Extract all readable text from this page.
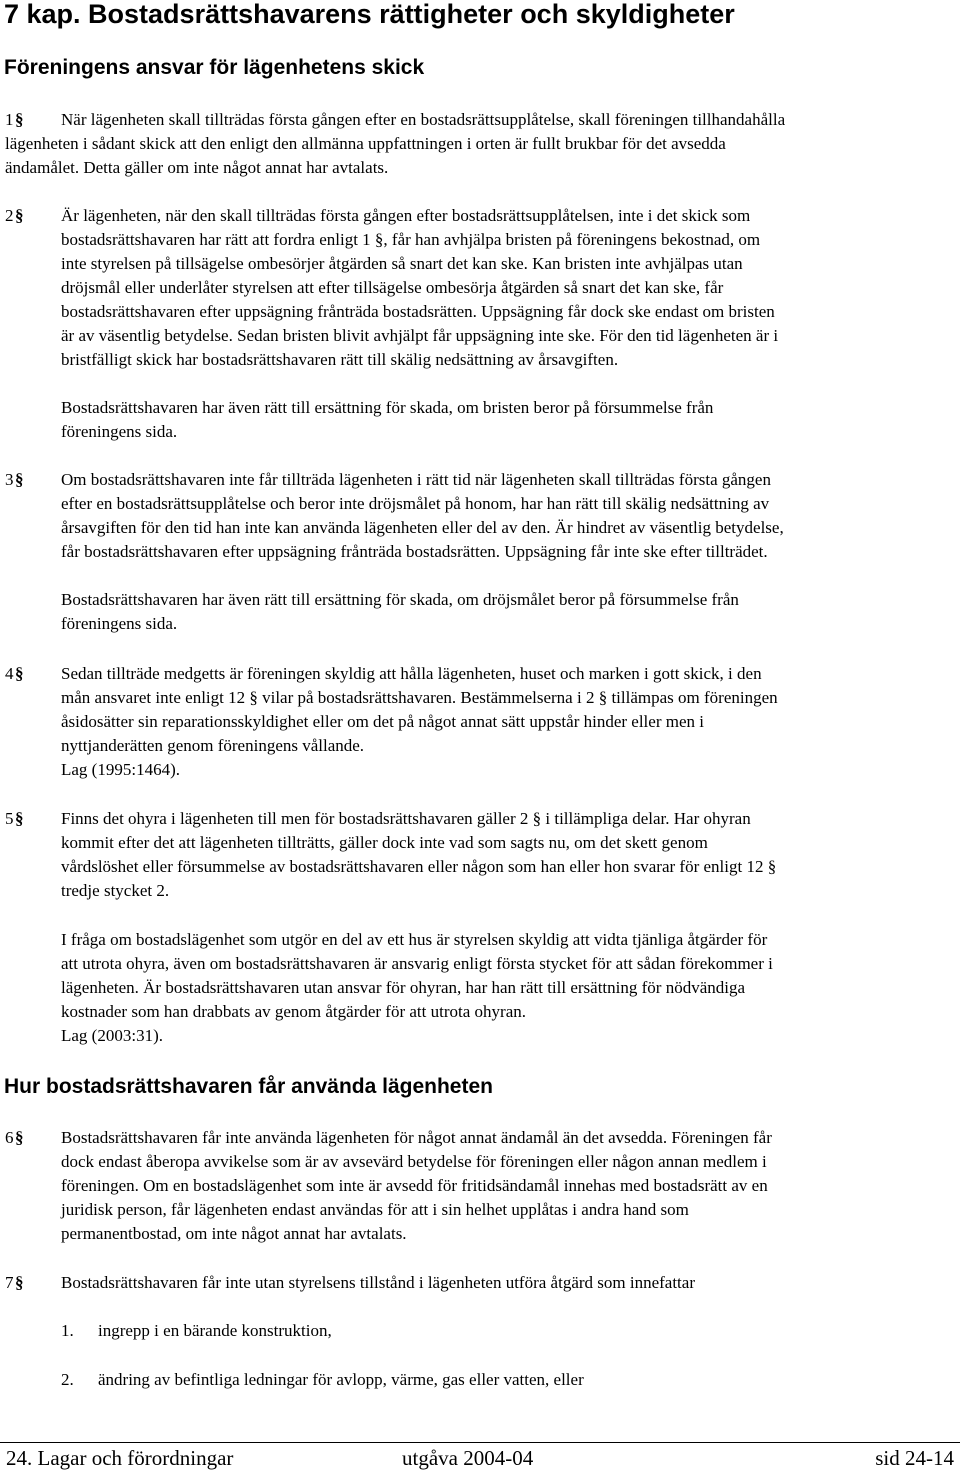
7 kap. Bostadsrättshavarens rättigheter och skyldigheter
Föreningens ansvar för lägenhetens skick
1 § När lägenheten skall tillträdas första gången efter en bostadsrättsupplåtelse, skall föreningen tillhandahålla
lägenheten i sådant skick att den enligt den allmänna uppfattningen i orten är fullt brukbar för det avsedda
ändamålet. Detta gäller om inte något annat har avtalats.
2 § Är lägenheten, när den skall tillträdas första gången efter bostadsrättsupplåtelsen, inte i det skick som
bostadsrättshavaren har rätt att fordra enligt 1 §, får han avhjälpa bristen på föreningens bekostnad, om
inte styrelsen på tillsägelse ombesörjer åtgärden så snart det kan ske. Kan bristen inte avhjälpas utan
dröjsmål eller underlåter styrelsen att efter tillsägelse ombesörja åtgärden så snart det kan ske, får
bostadsrättshavaren efter uppsägning frånträda bostadsrätten. Uppsägning får dock ske endast om bristen
är av väsentlig betydelse. Sedan bristen blivit avhjälpt får uppsägning inte ske. För den tid lägenheten är i
bristfälligt skick har bostadsrättshavaren rätt till skälig nedsättning av årsavgiften.
Bostadsrättshavaren har även rätt till ersättning för skada, om bristen beror på försummelse från
föreningens sida.
3 § Om bostadsrättshavaren inte får tillträda lägenheten i rätt tid när lägenheten skall tillträdas första gången
efter en bostadsrättsupplåtelse och beror inte dröjsmålet på honom, har han rätt till skälig nedsättning av
årsavgiften för den tid han inte kan använda lägenheten eller del av den. Är hindret av väsentlig betydelse,
får bostadsrättshavaren efter uppsägning frånträda bostadsrätten. Uppsägning får inte ske efter tillträdet.
Bostadsrättshavaren har även rätt till ersättning för skada, om dröjsmålet beror på försummelse från
föreningens sida.
4 § Sedan tillträde medgetts är föreningen skyldig att hålla lägenheten, huset och marken i gott skick, i den
mån ansvaret inte enligt 12 § vilar på bostadsrättshavaren. Bestämmelserna i 2 § tillämpas om föreningen
åsidosätter sin reparationsskyldighet eller om det på något annat sätt uppstår hinder eller men i
nyttjanderätten genom föreningens vållande.
Lag (1995:1464).
5 § Finns det ohyra i lägenheten till men för bostadsrättshavaren gäller 2 § i tillämpliga delar. Har ohyran
kommit efter det att lägenheten tillträtts, gäller dock inte vad som sagts nu, om det skett genom
vårdslöshet eller försummelse av bostadsrättshavaren eller någon som han eller hon svarar för enligt 12 §
tredje stycket 2.
I fråga om bostadslägenhet som utgör en del av ett hus är styrelsen skyldig att vidta tjänliga åtgärder för
att utrota ohyra, även om bostadsrättshavaren är ansvarig enligt första stycket för att sådan förekommer i
lägenheten. Är bostadsrättshavaren utan ansvar för ohyran, har han rätt till ersättning för nödvändiga
kostnader som han drabbats av genom åtgärder för att utrota ohyran.
Lag (2003:31).
Hur bostadsrättshavaren får använda lägenheten
6 § Bostadsrättshavaren får inte använda lägenheten för något annat ändamål än det avsedda. Föreningen får
dock endast åberopa avvikelse som är av avsevärd betydelse för föreningen eller någon annan medlem i
föreningen. Om en bostadslägenhet som inte är avsedd för fritidsändamål innehas med bostadsrätt av en
juridisk person, får lägenheten endast användas för att i sin helhet upplåtas i andra hand som
permanentbostad, om inte något annat har avtalats.
7 § Bostadsrättshavaren får inte utan styrelsens tillstånd i lägenheten utföra åtgärd som innefattar
1. ingrepp i en bärande konstruktion,
2. ändring av befintliga ledningar för avlopp, värme, gas eller vatten, eller
24. Lagar och förordningar	utgåva 2004-04	sid 24-14
